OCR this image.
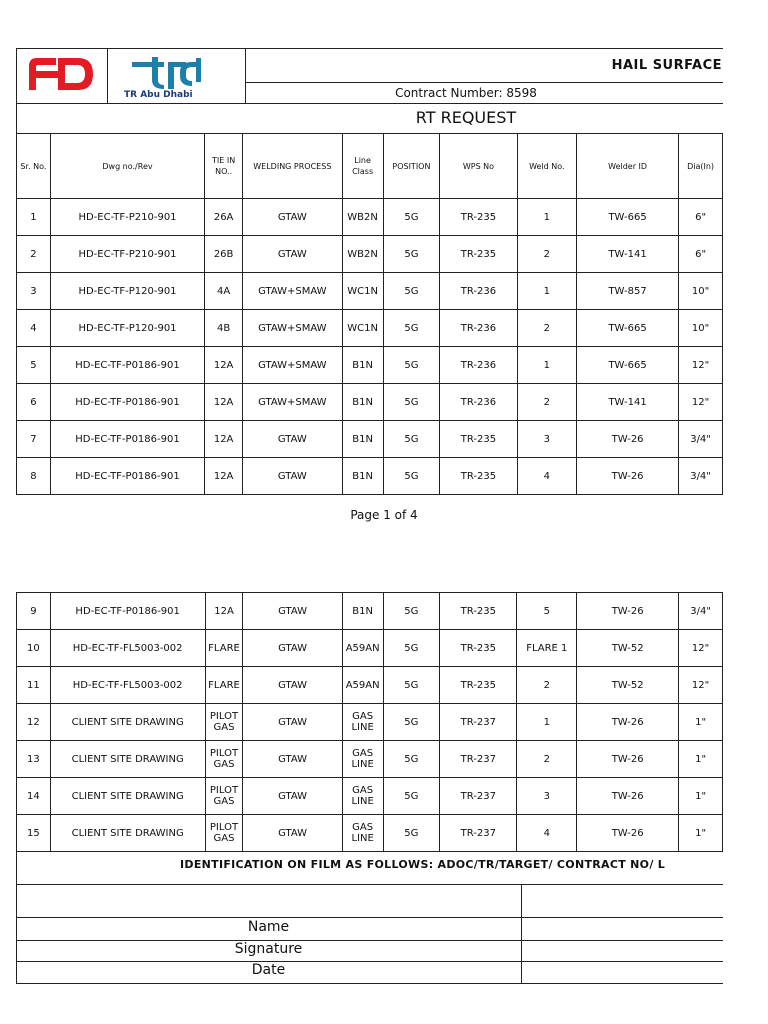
TR Abu Dhabi
HAIL SURFACE
Contract Number: 8598
RT REQUEST
Sr. No.	Dwg no./Rev	TIE IN NO..	WELDING PROCESS	Line Class	POSITION	WPS No	Weld No.	Welder ID	Dia(In)
1	HD-EC-TF-P210-901	26A	GTAW	WB2N	5G	TR-235	1	TW-665	6"
2	HD-EC-TF-P210-901	26B	GTAW	WB2N	5G	TR-235	2	TW-141	6"
3	HD-EC-TF-P120-901	4A	GTAW+SMAW	WC1N	5G	TR-236	1	TW-857	10"
4	HD-EC-TF-P120-901	4B	GTAW+SMAW	WC1N	5G	TR-236	2	TW-665	10"
5	HD-EC-TF-P0186-901	12A	GTAW+SMAW	B1N	5G	TR-236	1	TW-665	12"
6	HD-EC-TF-P0186-901	12A	GTAW+SMAW	B1N	5G	TR-236	2	TW-141	12"
7	HD-EC-TF-P0186-901	12A	GTAW	B1N	5G	TR-235	3	TW-26	3/4"
8	HD-EC-TF-P0186-901	12A	GTAW	B1N	5G	TR-235	4	TW-26	3/4"
Page 1 of 4
9	HD-EC-TF-P0186-901	12A	GTAW	B1N	5G	TR-235	5	TW-26	3/4"
10	HD-EC-TF-FL5003-002	FLARE	GTAW	A59AN	5G	TR-235	FLARE 1	TW-52	12"
11	HD-EC-TF-FL5003-002	FLARE	GTAW	A59AN	5G	TR-235	2	TW-52	12"
12	CLIENT SITE DRAWING	PILOT GAS	GTAW	GAS LINE	5G	TR-237	1	TW-26	1"
13	CLIENT SITE DRAWING	PILOT GAS	GTAW	GAS LINE	5G	TR-237	2	TW-26	1"
14	CLIENT SITE DRAWING	PILOT GAS	GTAW	GAS LINE	5G	TR-237	3	TW-26	1"
15	CLIENT SITE DRAWING	PILOT GAS	GTAW	GAS LINE	5G	TR-237	4	TW-26	1"
IDENTIFICATION ON FILM AS FOLLOWS: ADOC/TR/TARGET/ CONTRACT NO/ L
Name
Signature
Date
